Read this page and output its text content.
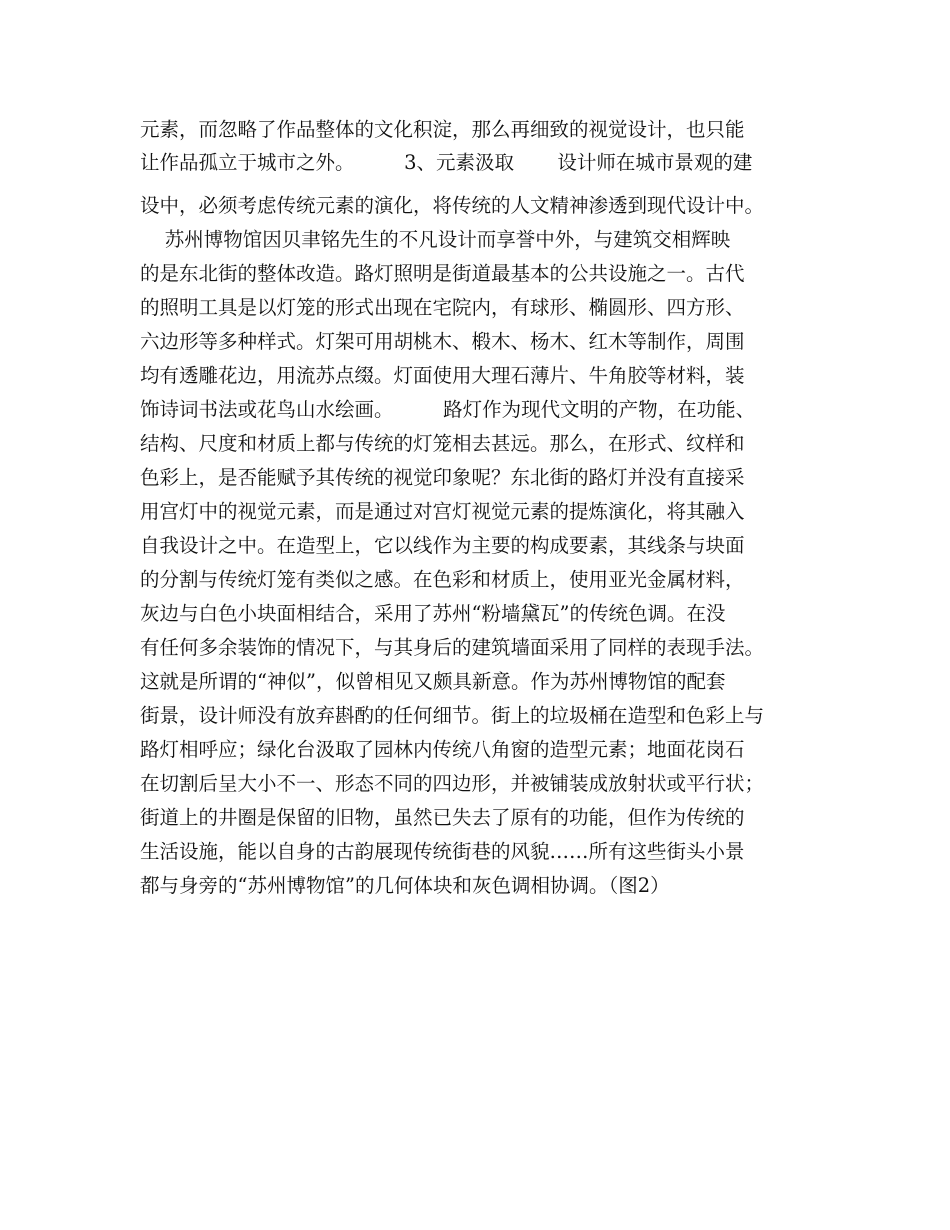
元素，而忽略了作品整体的文化积淀，那么再细致的视觉设计，也只能
让作品孤立于城市之外。        3、元素汲取       设计师在城市景观的建
设中，必须考虑传统元素的演化，将传统的人文精神渗透到现代设计中。
苏州博物馆因贝聿铭先生的不凡设计而享誉中外，与建筑交相辉映
的是东北街的整体改造。路灯照明是街道最基本的公共设施之一。古代
的照明工具是以灯笼的形式出现在宅院内，有球形、椭圆形、四方形、
六边形等多种样式。灯架可用胡桃木、椴木、杨木、红木等制作，周围
均有透雕花边，用流苏点缀。灯面使用大理石薄片、牛角胶等材料，装
饰诗词书法或花鸟山水绘画。        路灯作为现代文明的产物，在功能、
结构、尺度和材质上都与传统的灯笼相去甚远。那么，在形式、纹样和
色彩上，是否能赋予其传统的视觉印象呢？东北街的路灯并没有直接采
用宫灯中的视觉元素，而是通过对宫灯视觉元素的提炼演化，将其融入
自我设计之中。在造型上，它以线作为主要的构成要素，其线条与块面
的分割与传统灯笼有类似之感。在色彩和材质上，使用亚光金属材料，
灰边与白色小块面相结合，采用了苏州“粉墙黛瓦”的传统色调。在没
有任何多余装饰的情况下，与其身后的建筑墙面采用了同样的表现手法。
这就是所谓的“神似”，似曾相见又颇具新意。作为苏州博物馆的配套
街景，设计师没有放弃斟酌的任何细节。街上的垃圾桶在造型和色彩上与
路灯相呼应；绿化台汲取了园林内传统八角窗的造型元素；地面花岗石
在切割后呈大小不一、形态不同的四边形，并被铺装成放射状或平行状；
街道上的井圈是保留的旧物，虽然已失去了原有的功能，但作为传统的
生活设施，能以自身的古韵展现传统街巷的风貌……所有这些街头小景
都与身旁的“苏州博物馆”的几何体块和灰色调相协调。（图2）
